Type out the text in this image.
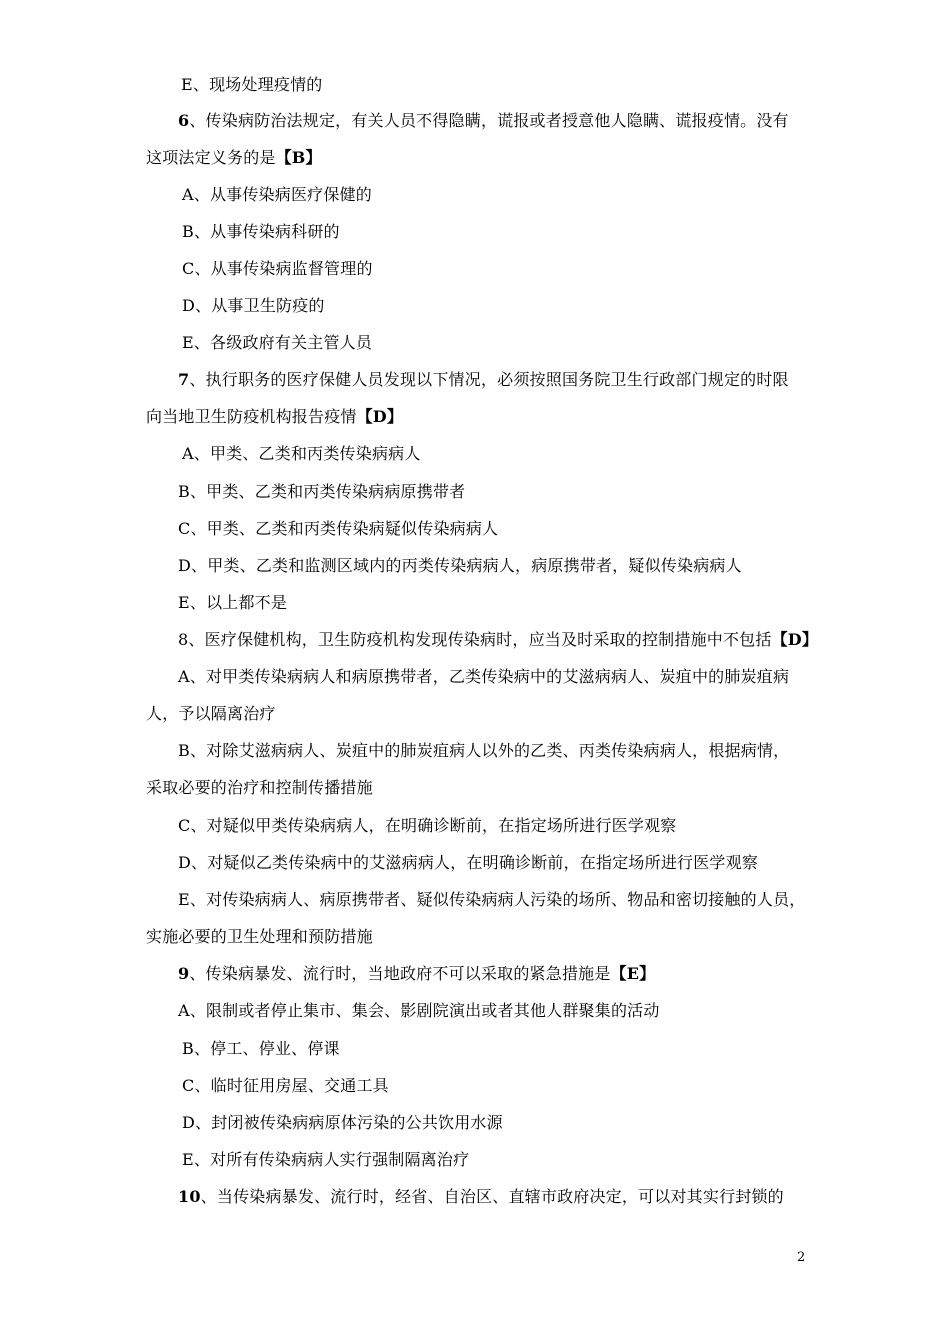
E、现场处理疫情的
6、传染病防治法规定，有关人员不得隐瞒，谎报或者授意他人隐瞒、谎报疫情。没有
这项法定义务的是【B】
A、从事传染病医疗保健的
B、从事传染病科研的
C、从事传染病监督管理的
D、从事卫生防疫的
E、各级政府有关主管人员
7、执行职务的医疗保健人员发现以下情况，必须按照国务院卫生行政部门规定的时限
向当地卫生防疫机构报告疫情【D】
A、甲类、乙类和丙类传染病病人
B、甲类、乙类和丙类传染病病原携带者
C、甲类、乙类和丙类传染病疑似传染病病人
D、甲类、乙类和监测区域内的丙类传染病病人，病原携带者，疑似传染病病人
E、以上都不是
8、医疗保健机构，卫生防疫机构发现传染病时，应当及时采取的控制措施中不包括【D】
A、对甲类传染病病人和病原携带者，乙类传染病中的艾滋病病人、炭疽中的肺炭疽病
人，予以隔离治疗
B、对除艾滋病病人、炭疽中的肺炭疽病人以外的乙类、丙类传染病病人，根据病情，
采取必要的治疗和控制传播措施
C、对疑似甲类传染病病人，在明确诊断前，在指定场所进行医学观察
D、对疑似乙类传染病中的艾滋病病人，在明确诊断前，在指定场所进行医学观察
E、对传染病病人、病原携带者、疑似传染病病人污染的场所、物品和密切接触的人员，
实施必要的卫生处理和预防措施
9、传染病暴发、流行时，当地政府不可以采取的紧急措施是【E】
A、限制或者停止集市、集会、影剧院演出或者其他人群聚集的活动
B、停工、停业、停课
C、临时征用房屋、交通工具
D、封闭被传染病病原体污染的公共饮用水源
E、对所有传染病病人实行强制隔离治疗
10、当传染病暴发、流行时，经省、自治区、直辖市政府决定，可以对其实行封锁的
2
